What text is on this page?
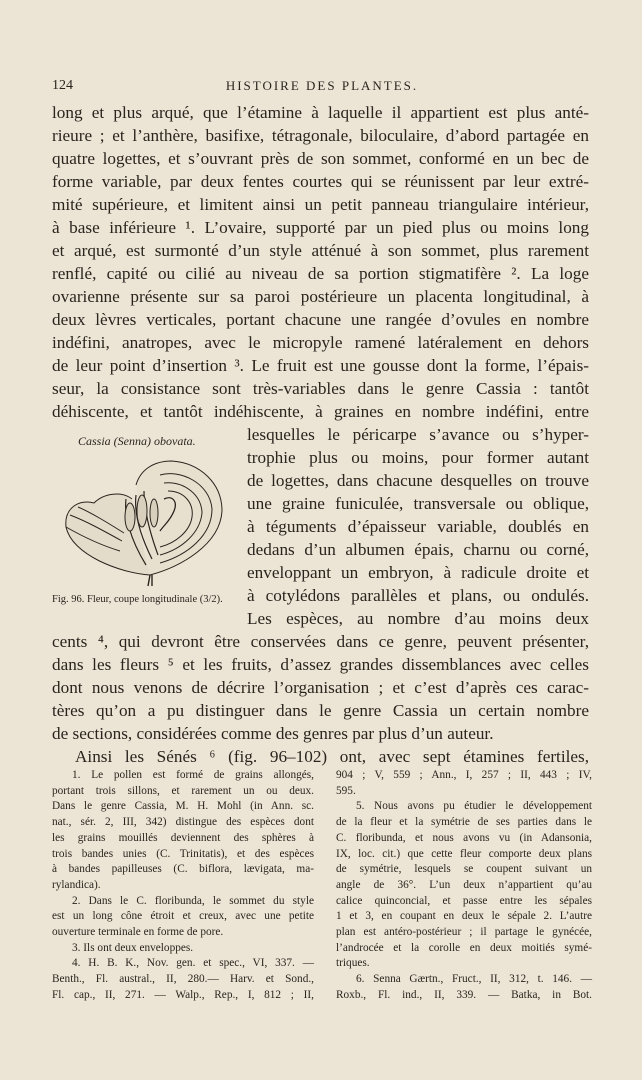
124	HISTOIRE DES PLANTES.
long et plus arqué, que l’étamine à laquelle il appartient est plus anté-
rieure ; et l’anthère, basifixe, tétragonale, biloculaire, d’abord partagée en
quatre logettes, et s’ouvrant près de son sommet, conformé en un bec de
forme variable, par deux fentes courtes qui se réunissent par leur extré-
mité supérieure, et limitent ainsi un petit panneau triangulaire intérieur,
à base inférieure ¹. L’ovaire, supporté par un pied plus ou moins long
et arqué, est surmonté d’un style atténué à son sommet, plus rarement
renflé, capité ou cilié au niveau de sa portion stigmatifère ². La loge
ovarienne présente sur sa paroi postérieure un placenta longitudinal, à
deux lèvres verticales, portant chacune une rangée d’ovules en nombre
indéfini, anatropes, avec le micropyle ramené latéralement en dehors
de leur point d’insertion ³. Le fruit est une gousse dont la forme, l’épais-
seur, la consistance sont très-variables dans le genre Cassia : tantôt
déhiscente, et tantôt indéhiscente, à graines en nombre indéfini, entre
lesquelles le péricarpe s’avance ou s’hyper-
trophie plus ou moins, pour former autant
de logettes, dans chacune desquelles on trouve
une graine funiculée, transversale ou oblique,
à téguments d’épaisseur variable, doublés en
dedans d’un albumen épais, charnu ou corné,
enveloppant un embryon, à radicule droite et
à cotylédons parallèles et plans, ou ondulés.
Les espèces, au nombre d’au moins deux
cents ⁴, qui devront être conservées dans ce genre, peuvent présenter,
dans les fleurs ⁵ et les fruits, d’assez grandes dissemblances avec celles
dont nous venons de décrire l’organisation ; et c’est d’après ces carac-
tères qu’on a pu distinguer dans le genre Cassia un certain nombre
de sections, considérées comme des genres par plus d’un auteur.
Ainsi les Sénés ⁶ (fig. 96–102) ont, avec sept étamines fertiles,
Cassia (Senna) obovata.
Fig. 96. Fleur, coupe longitudinale (3/2).
1. Le pollen est formé de grains allongés,
portant trois sillons, et rarement un ou deux.
Dans le genre Cassia, M. H. Mohl (in Ann. sc.
nat., sér. 2, III, 342) distingue des espèces dont
les grains mouillés deviennent des sphères à
trois bandes unies (C. Trinitatis), et des espèces
à bandes papilleuses (C. biflora, lævigata, ma-
rylandica).
2. Dans le C. floribunda, le sommet du style
est un long cône étroit et creux, avec une petite
ouverture terminale en forme de pore.
3. Ils ont deux enveloppes.
4. H. B. K., Nov. gen. et spec., VI, 337. —
Benth., Fl. austral., II, 280.— Harv. et Sond.,
Fl. cap., II, 271. — Walp., Rep., I, 812 ; II,
904 ; V, 559 ; Ann., I, 257 ; II, 443 ; IV,
595.
5. Nous avons pu étudier le développement
de la fleur et la symétrie de ses parties dans le
C. floribunda, et nous avons vu (in Adansonia,
IX, loc. cit.) que cette fleur comporte deux plans
de symétrie, lesquels se coupent suivant un
angle de 36°. L’un deux n’appartient qu’au
calice quinconcial, et passe entre les sépales
1 et 3, en coupant en deux le sépale 2. L’autre
plan est antéro-postérieur ; il partage le gynécée,
l’androcée et la corolle en deux moitiés symé-
triques.
6. Senna Gærtn., Fruct., II, 312, t. 146. —
Roxb., Fl. ind., II, 339. — Batka, in Bot.
